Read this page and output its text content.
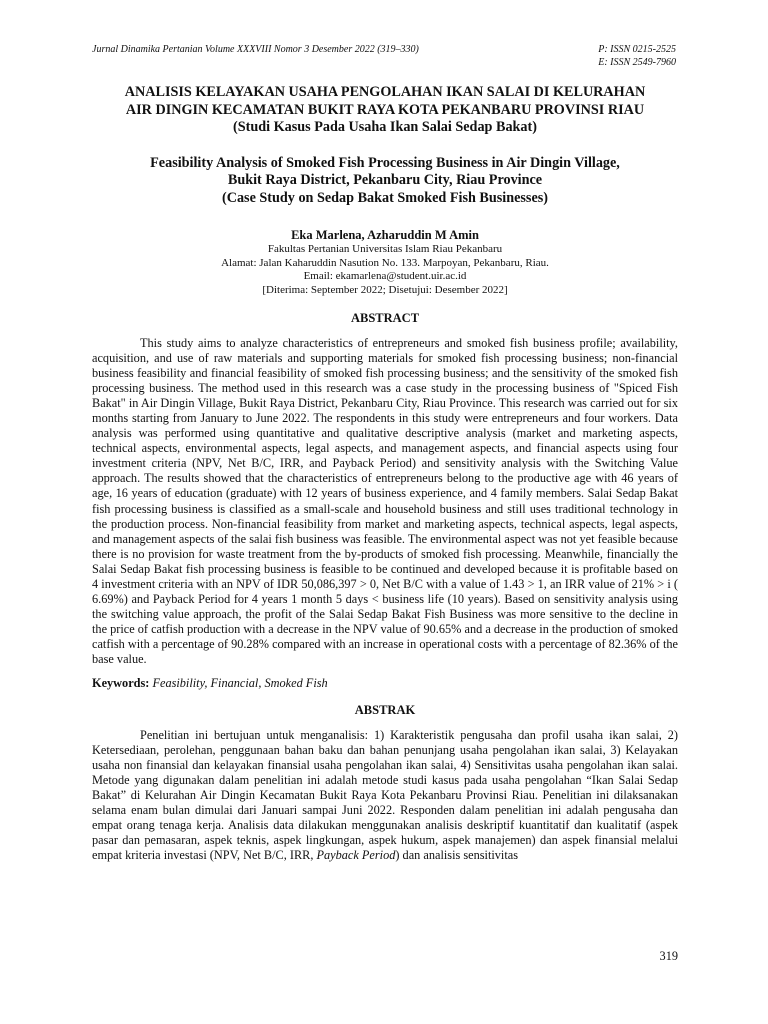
Jurnal Dinamika Pertanian Volume XXXVIII Nomor 3 Desember 2022 (319–330)	P: ISSN 0215-2525
E: ISSN 2549-7960
ANALISIS KELAYAKAN USAHA PENGOLAHAN IKAN SALAI DI KELURAHAN
AIR DINGIN KECAMATAN BUKIT RAYA KOTA PEKANBARU PROVINSI RIAU
(Studi Kasus Pada Usaha Ikan Salai Sedap Bakat)
Feasibility Analysis of Smoked Fish Processing Business in Air Dingin Village,
Bukit Raya District, Pekanbaru City, Riau Province
(Case Study on Sedap Bakat Smoked Fish Businesses)
Eka Marlena, Azharuddin M Amin
Fakultas Pertanian Universitas Islam Riau Pekanbaru
Alamat: Jalan Kaharuddin Nasution No. 133. Marpoyan, Pekanbaru, Riau.
Email: ekamarlena@student.uir.ac.id
[Diterima: September 2022; Disetujui: Desember 2022]
ABSTRACT

This study aims to analyze characteristics of entrepreneurs and smoked fish business profile; availability, acquisition, and use of raw materials and supporting materials for smoked fish processing business; non-financial business feasibility and financial feasibility of smoked fish processing business; and the sensitivity of the smoked fish processing business. The method used in this research was a case study in the processing business of "Spiced Fish Bakat" in Air Dingin Village, Bukit Raya District, Pekanbaru City, Riau Province. This research was carried out for six months starting from January to June 2022. The respondents in this study were entrepreneurs and four workers. Data analysis was performed using quantitative and qualitative descriptive analysis (market and marketing aspects, technical aspects, environmental aspects, legal aspects, and management aspects, and financial aspects using four investment criteria (NPV, Net B/C, IRR, and Payback Period) and sensitivity analysis with the Switching Value approach. The results showed that the characteristics of entrepreneurs belong to the productive age with 46 years of age, 16 years of education (graduate) with 12 years of business experience, and 4 family members. Salai Sedap Bakat fish processing business is classified as a small-scale and household business and still uses traditional technology in the production process. Non-financial feasibility from market and marketing aspects, technical aspects, legal aspects, and management aspects of the salai fish business was feasible. The environmental aspect was not yet feasible because there is no provision for waste treatment from the by-products of smoked fish processing. Meanwhile, financially the Salai Sedap Bakat fish processing business is feasible to be continued and developed because it is profitable based on 4 investment criteria with an NPV of IDR 50,086,397 > 0, Net B/C with a value of 1.43 > 1, an IRR value of 21% > i ( 6.69%) and Payback Period for 4 years 1 month 5 days < business life (10 years). Based on sensitivity analysis using the switching value approach, the profit of the Salai Sedap Bakat Fish Business was more sensitive to the decline in the price of catfish production with a decrease in the NPV value of 90.65% and a decrease in the production of smoked catfish with a percentage of 90.28% compared with an increase in operational costs with a percentage of 82.36% of the base value.

Keywords: Feasibility, Financial, Smoked Fish
ABSTRAK

Penelitian ini bertujuan untuk menganalisis: 1) Karakteristik pengusaha dan profil usaha ikan salai, 2) Ketersediaan, perolehan, penggunaan bahan baku dan bahan penunjang usaha pengolahan ikan salai, 3) Kelayakan usaha non finansial dan kelayakan finansial usaha pengolahan ikan salai, 4) Sensitivitas usaha pengolahan ikan salai. Metode yang digunakan dalam penelitian ini adalah metode studi kasus pada usaha pengolahan “Ikan Salai Sedap Bakat” di Kelurahan Air Dingin Kecamatan Bukit Raya Kota Pekanbaru Provinsi Riau. Penelitian ini dilaksanakan selama enam bulan dimulai dari Januari sampai Juni 2022. Responden dalam penelitian ini adalah pengusaha dan empat orang tenaga kerja. Analisis data dilakukan menggunakan analisis deskriptif kuantitatif dan kualitatif (aspek pasar dan pemasaran, aspek teknis, aspek lingkungan, aspek hukum, aspek manajemen) dan aspek finansial melalui empat kriteria investasi (NPV, Net B/C, IRR, Payback Period) dan analisis sensitivitas

319
